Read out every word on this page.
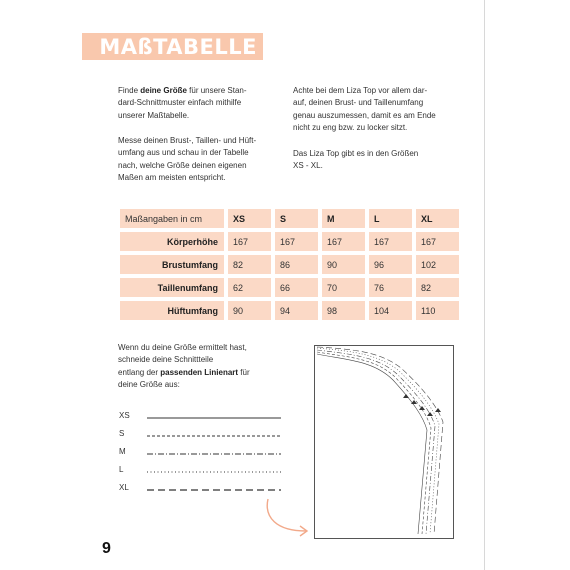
MAßTABELLE
Finde deine Größe für unsere Stan-
dard-Schnittmuster einfach mithilfe
unserer Maßtabelle.
Messe deinen Brust-, Taillen- und Hüft-
umfang aus und schau in der Tabelle
nach, welche Größe deinen eigenen
Maßen am meisten entspricht.
Achte bei dem Liza Top vor allem dar-
auf, deinen Brust- und Taillenumfang
genau auszumessen, damit es am Ende
nicht zu eng bzw. zu locker sitzt.
Das Liza Top gibt es in den Größen
XS - XL.
Maßangaben in cm	XS	S	M	L	XL
Körperhöhe	167	167	167	167	167
Brustumfang	82	86	90	96	102
Taillenumfang	62	66	70	76	82
Hüftumfang	90	94	98	104	110
Wenn du deine Größe ermittelt hast,
schneide deine Schnittteile
entlang der passenden Linienart für
deine Größe aus:
XS
S
M
L
XL
9
